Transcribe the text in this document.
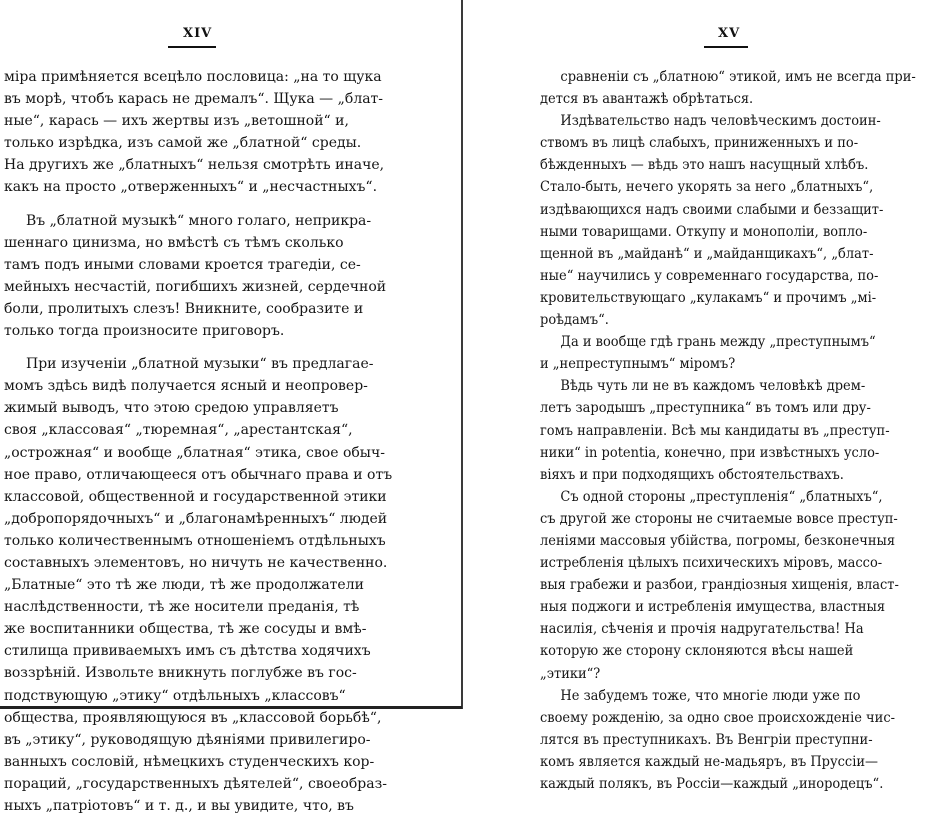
XIV
міра примѣняется всецѣло пословица: „на то щука
въ морѣ, чтобъ карась не дремалъ“. Щука — „блат-
ные“, карась — ихъ жертвы изъ „ветошной“ и,
только изрѣдка, изъ самой же „блатной“ среды.
На другихъ же „блатныхъ“ нельзя смотрѣть иначе,
какъ на просто „отверженныхъ“ и „несчастныхъ“.
Въ „блатной музыкѣ“ много голаго, неприкра-
шеннаго цинизма, но вмѣстѣ съ тѣмъ сколько
тамъ подъ иными словами кроется трагедіи, се-
мейныхъ несчастій, погибшихъ жизней, сердечной
боли, пролитыхъ слезъ! Вникните, сообразите и
только тогда произносите приговоръ.
При изученіи „блатной музыки“ въ предлагае-
момъ здѣсь видѣ получается ясный и неопровер-
жимый выводъ, что этою средою управляетъ
своя „классовая“ „тюремная“, „арестантская“,
„острожная“ и вообще „блатная“ этика, свое обыч-
ное право, отличающееся отъ обычнаго права и отъ
классовой, общественной и государственной этики
„добропорядочныхъ“ и „благонамѣренныхъ“ людей
только количественнымъ отношеніемъ отдѣльныхъ
составныхъ элементовъ, но ничуть не качественно.
„Блатные“ это тѣ же люди, тѣ же продолжатели
наслѣдственности, тѣ же носители преданія, тѣ
же воспитанники общества, тѣ же сосуды и вмѣ-
стилища прививаемыхъ имъ съ дѣтства ходячихъ
воззрѣній. Извольте вникнуть поглубже въ гос-
подствующую „этику“ отдѣльныхъ „классовъ“
общества, проявляющуюся въ „классовой борьбѣ“,
въ „этику“, руководящую дѣяніями привилегиро-
ванныхъ сословій, нѣмецкихъ студенческихъ кор-
пораций, „государственныхъ дѣятелей“, своеобраз-
ныхъ „патріотовъ“ и т. д., и вы увидите, что, въ
XV
сравненіи съ „блатною“ этикой, имъ не всегда при-
дется въ авантажѣ обрѣтаться.
Издѣвательство надъ человѣческимъ достоин-
ствомъ въ лицѣ слабыхъ, приниженныхъ и по-
бѣжденныхъ — вѣдь это нашъ насущный хлѣбъ.
Стало-быть, нечего укорять за него „блатныхъ“,
издѣвающихся надъ своими слабыми и беззащит-
ными товарищами. Откупу и монополіи, вопло-
щенной въ „майданѣ“ и „майданщикахъ“, „блат-
ные“ научились у современнаго государства, по-
кровительствующаго „кулакамъ“ и прочимъ „мі-
роѣдамъ“.
Да и вообще гдѣ грань между „преступнымъ“
и „непреступнымъ“ міромъ?
Вѣдь чуть ли не въ каждомъ человѣкѣ дрем-
летъ зародышъ „преступника“ въ томъ или дру-
гомъ направленіи. Всѣ мы кандидаты въ „преступ-
ники“ in potentia, конечно, при извѣстныхъ усло-
віяхъ и при подходящихъ обстоятельствахъ.
Съ одной стороны „преступленія“ „блатныхъ“,
съ другой же стороны не считаемые вовсе преступ-
леніями массовыя убійства, погромы, безконечныя
истребленія цѣлыхъ психическихъ міровъ, массо-
выя грабежи и разбои, грандіозныя хищенія, власт-
ныя поджоги и истребленія имущества, властныя
насилія, сѣченія и прочія надругательства! На
которую же сторону склоняются вѣсы нашей
„этики“?
Не забудемъ тоже, что многіе люди уже по
своему рожденію, за одно свое происхожденіе чис-
лятся въ преступникахъ. Въ Венгріи преступни-
комъ является каждый не-мадьяръ, въ Пруссіи—
каждый полякъ, въ Россіи—каждый „инородецъ“.
